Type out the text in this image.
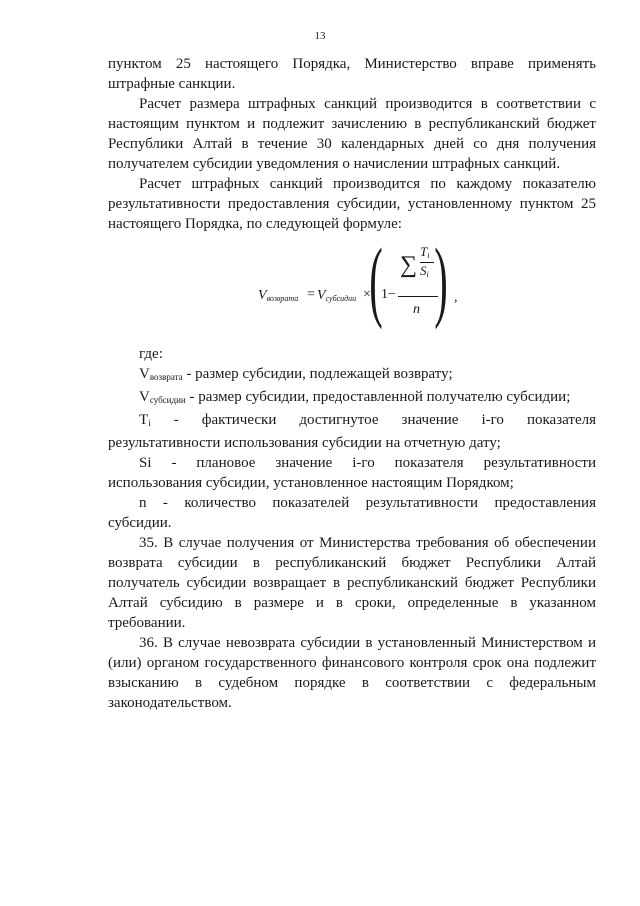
13

пунктом 25 настоящего Порядка, Министерство вправе применять штрафные санкции.

Расчет размера штрафных санкций производится в соответствии с настоящим пунктом и подлежит зачислению в республиканский бюджет Республики Алтай в течение 30 календарных дней со дня получения получателем субсидии уведомления о начислении штрафных санкций.

Расчет штрафных санкций производится по каждому показателю результативности предоставления субсидии, установленному пунктом 25 настоящего Порядка, по следующей формуле:

$V_{возврата} = V_{субсидии}$ ×
(
1−
∑
$T_i$
$S_i$
n ) ,

где:

$V_{возврата}$ - размер субсидии, подлежащей возврату;

$V_{субсидии}$ - размер субсидии, предоставленной получателю субсидии;

$T_i$ - фактически достигнутое значение i-го показателя результативности использования субсидии на отчетную дату;

Si - плановое значение i-го показателя результативности использования субсидии, установленное настоящим Порядком;

n - количество показателей результативности предоставления субсидии.

35. В случае получения от Министерства требования об обеспечении возврата субсидии в республиканский бюджет Республики Алтай получатель субсидии возвращает в республиканский бюджет Республики Алтай субсидию в размере и в сроки, определенные в указанном требовании.

36. В случае невозврата субсидии в установленный Министерством и (или) органом государственного финансового контроля срок она подлежит взысканию в судебном порядке в соответствии с федеральным законодательством.
